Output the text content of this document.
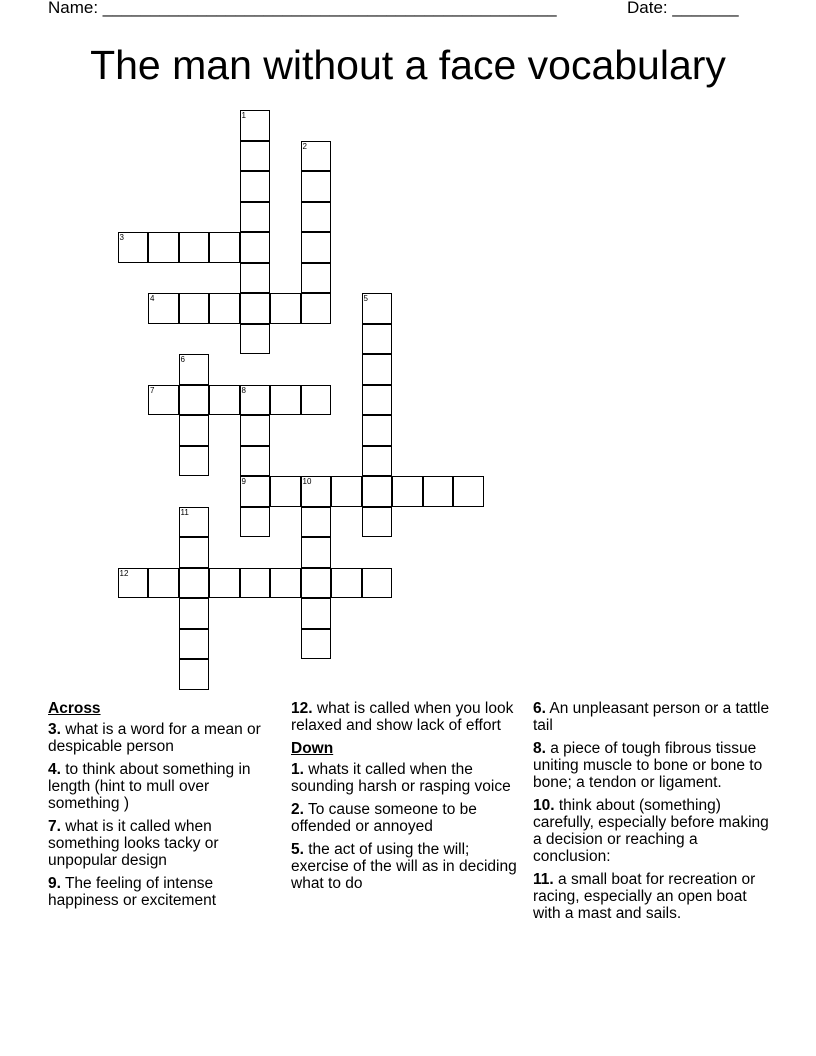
Name: ________________________________________________	Date: _______
The man without a face vocabulary
1
2
3
4	5
6
7	8
9	10
11
12
Across
3. what is a word for a mean or despicable person
4. to think about something in length (hint to mull over something )
7. what is it called when something looks tacky or unpopular design
9. The feeling of intense happiness or excitement
12. what is called when you look relaxed and show lack of effort
Down
1. whats it called when the sounding harsh or rasping voice
2. To cause someone to be offended or annoyed
5. the act of using the will; exercise of the will as in deciding what to do
6. An unpleasant person or a tattle tail
8. a piece of tough fibrous tissue uniting muscle to bone or bone to bone; a tendon or ligament.
10. think about (something) carefully, especially before making a decision or reaching a conclusion:
11. a small boat for recreation or racing, especially an open boat with a mast and sails.
